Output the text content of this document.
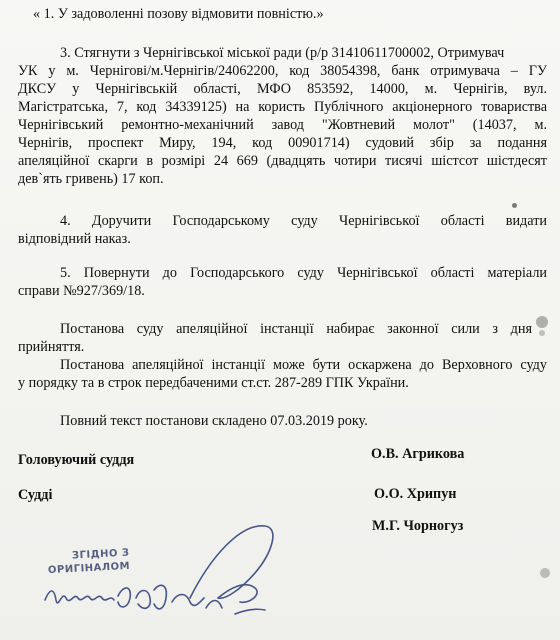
« 1. У задоволенні позову відмовити повністю.»
3. Стягнути з Чернігівської міської ради (р/р 31410611700002, Отримувач
УК у м. Чернігові/м.Чернігів/24062200, код 38054398, банк отримувача – ГУ
ДКСУ у Чернігівській області, МФО 853592, 14000, м. Чернігів, вул.
Магістратська, 7, код 34339125) на користь Публічного акціонерного товариства
Чернігівський ремонтно-механічний завод "Жовтневий молот" (14037, м.
Чернігів, проспект Миру, 194, код 00901714) судовий збір за подання
апеляційної скарги в розмірі 24 669 (двадцять чотири тисячі шістсот шістдесят
дев`ять гривень) 17 коп.
4. Доручити Господарському суду Чернігівської області видати
відповідний наказ.
5. Повернути до Господарського суду Чернігівської області матеріали
справи №927/369/18.
Постанова суду апеляційної інстанції набирає законної сили з дня
прийняття.
Постанова апеляційної інстанції може бути оскаржена до Верховного суду
у порядку та в строк передбаченими ст.ст. 287-289 ГПК України.
Повний текст постанови складено 07.03.2019 року.
Головуючий суддя	О.В. Агрикова
Судді	О.О. Хрипун
М.Г. Чорногуз
ЗГІДНО З
ОРИГІНАЛОМ
